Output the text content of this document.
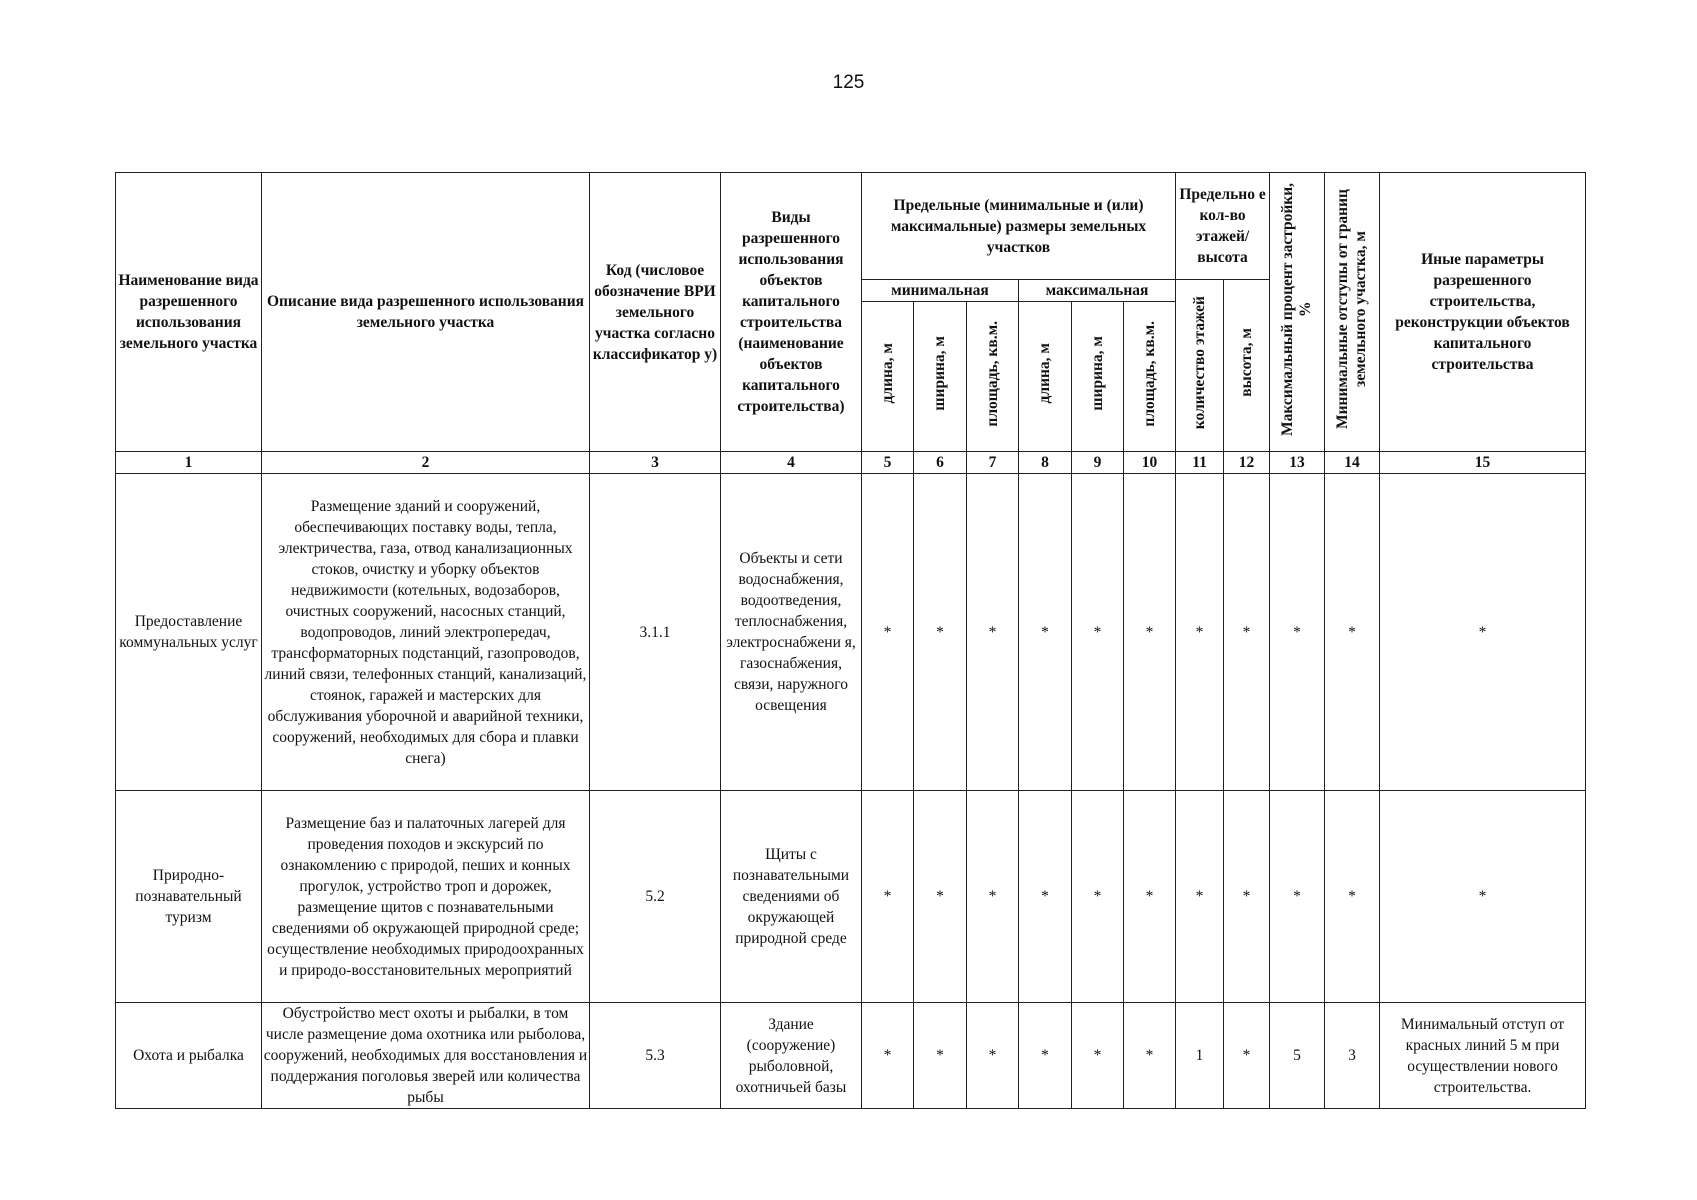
125
Наименование вида разрешенного использования земельного участка	Описание вида разрешенного использования земельного участка	Код (числовое обозначение ВРИ земельного участка согласно классификатор у)	Виды разрешенного использования объектов капитального строительства (наименование объектов капитального строительства)	Предельные (минимальные и (или) максимальные) размеры земельных участков						Предельно е кол-во этажей/ высота		Максимальный процент застройки, %	Минимальные отступы от границ земельного участка, м	Иные параметры разрешенного строительства, реконструкции объектов капитального строительства
				минимальная			максимальная			количество этажей	высота, м			
				длина, м	ширина, м	площадь, кв.м.	длина, м	ширина, м	площадь, кв.м.					
1	2	3	4	5	6	7	8	9	10	11	12	13	14	15
Предоставление коммунальных услуг	Размещение зданий и сооружений, обеспечивающих поставку воды, тепла, электричества, газа, отвод канализационных стоков, очистку и уборку объектов недвижимости (котельных, водозаборов, очистных сооружений, насосных станций, водопроводов, линий электропередач, трансформаторных подстанций, газопроводов, линий связи, телефонных станций, канализаций, стоянок, гаражей и мастерских для обслуживания уборочной и аварийной техники, сооружений, необходимых для сбора и плавки снега)	3.1.1	Объекты и сети водоснабжения, водоотведения, теплоснабжения, электроснабжени я, газоснабжения, связи, наружного освещения	*	*	*	*	*	*	*	*	*	*	*
Природно-познавательный туризм	Размещение баз и палаточных лагерей для проведения походов и экскурсий по ознакомлению с природой, пеших и конных прогулок, устройство троп и дорожек, размещение щитов с познавательными сведениями об окружающей природной среде; осуществление необходимых природоохранных и природо-восстановительных мероприятий	5.2	Щиты с познавательными сведениями об окружающей природной среде	*	*	*	*	*	*	*	*	*	*	*
Охота и рыбалка	Обустройство мест охоты и рыбалки, в том числе размещение дома охотника или рыболова, сооружений, необходимых для восстановления и поддержания поголовья зверей или количества рыбы	5.3	Здание (сооружение) рыболовной, охотничьей базы	*	*	*	*	*	*	1	*	5	3	Минимальный отступ от красных линий 5 м при осуществлении нового строительства.
